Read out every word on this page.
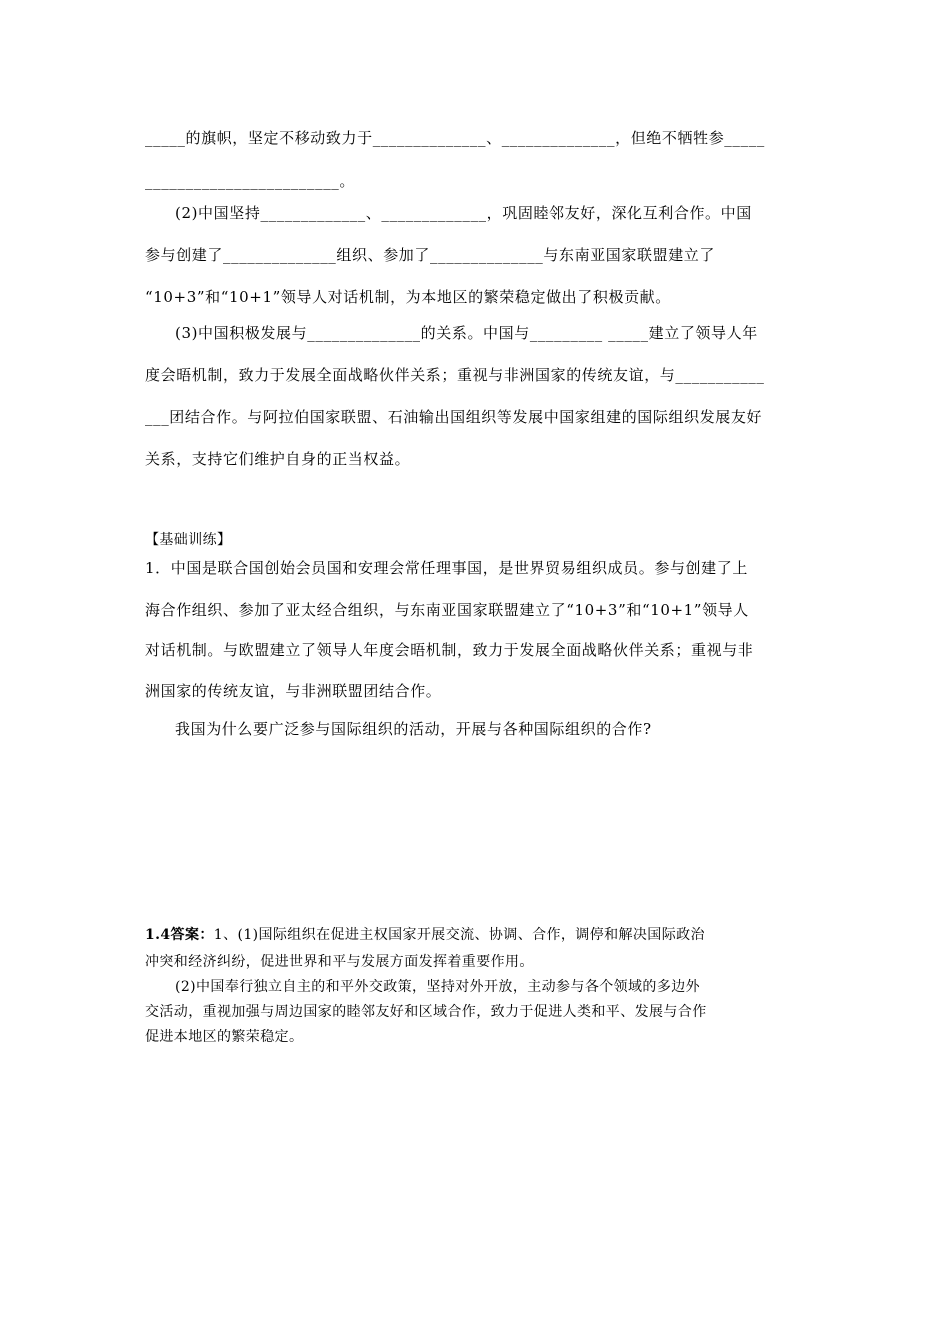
_____的旗帜，坚定不移动致力于______________、______________，但绝不牺牲参_____
________________________。
(2)中国坚持_____________、_____________，巩固睦邻友好，深化互利合作。中国
参与创建了______________组织、参加了______________与东南亚国家联盟建立了
“10+3”和“10+1”领导人对话机制，为本地区的繁荣稳定做出了积极贡献。
(3)中国积极发展与______________的关系。中国与_________ _____建立了领导人年
度会晤机制，致力于发展全面战略伙伴关系；重视与非洲国家的传统友谊，与___________
___团结合作。与阿拉伯国家联盟、石油输出国组织等发展中国家组建的国际组织发展友好
关系，支持它们维护自身的正当权益。
【基础训练】
1．中国是联合国创始会员国和安理会常任理事国，是世界贸易组织成员。参与创建了上
海合作组织、参加了亚太经合组织，与东南亚国家联盟建立了“10+3”和“10+1”领导人
对话机制。与欧盟建立了领导人年度会晤机制，致力于发展全面战略伙伴关系；重视与非
洲国家的传统友谊，与非洲联盟团结合作。
我国为什么要广泛参与国际组织的活动，开展与各种国际组织的合作?
1.4答案：1、(1)国际组织在促进主权国家开展交流、协调、合作，调停和解决国际政治
冲突和经济纠纷，促进世界和平与发展方面发挥着重要作用。
(2)中国奉行独立自主的和平外交政策，坚持对外开放，主动参与各个领域的多边外
交活动，重视加强与周边国家的睦邻友好和区域合作，致力于促进人类和平、发展与合作
促进本地区的繁荣稳定。
